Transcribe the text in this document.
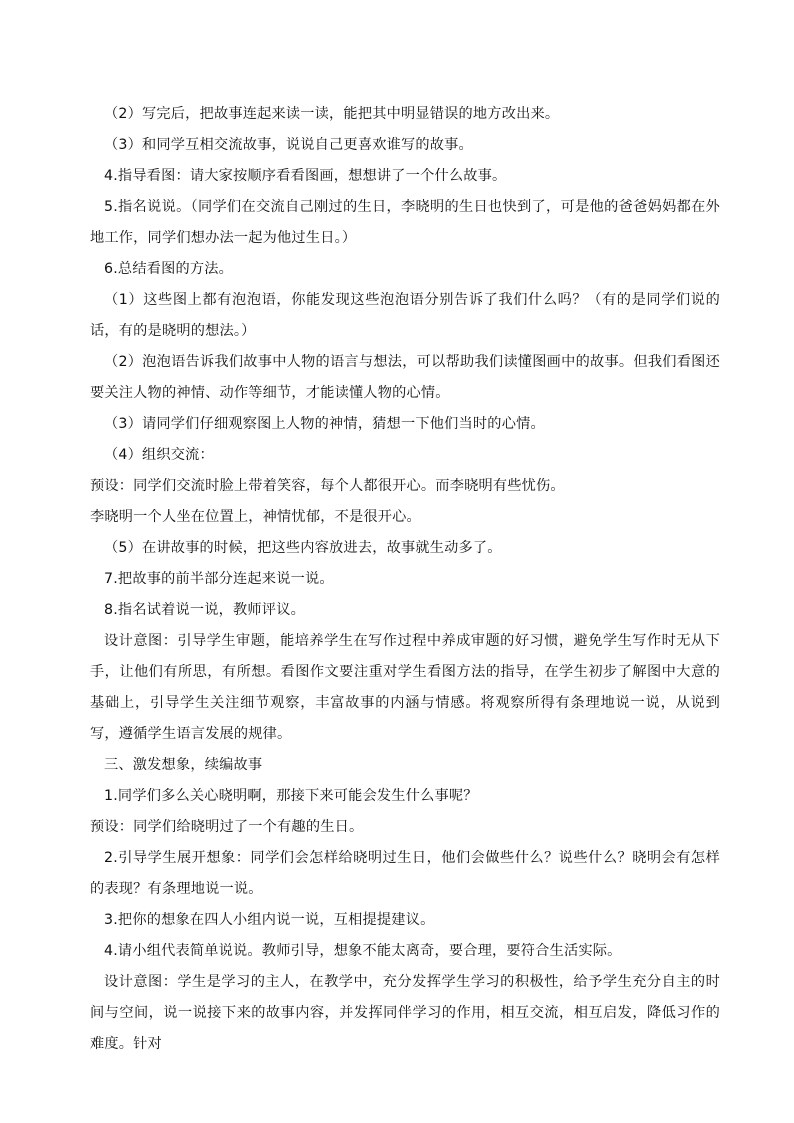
（2）写完后，把故事连起来读一读，能把其中明显错误的地方改出来。

（3）和同学互相交流故事，说说自己更喜欢谁写的故事。

4.指导看图：请大家按顺序看看图画，想想讲了一个什么故事。

5.指名说说。（同学们在交流自己刚过的生日，李晓明的生日也快到了，可是他的爸爸妈妈都在外地工作，同学们想办法一起为他过生日。）

6.总结看图的方法。

（1）这些图上都有泡泡语，你能发现这些泡泡语分别告诉了我们什么吗？（有的是同学们说的话，有的是晓明的想法。）

（2）泡泡语告诉我们故事中人物的语言与想法，可以帮助我们读懂图画中的故事。但我们看图还要关注人物的神情、动作等细节，才能读懂人物的心情。

（3）请同学们仔细观察图上人物的神情，猜想一下他们当时的心情。

（4）组织交流：

预设：同学们交流时脸上带着笑容，每个人都很开心。而李晓明有些忧伤。

李晓明一个人坐在位置上，神情忧郁，不是很开心。

（5）在讲故事的时候，把这些内容放进去，故事就生动多了。

7.把故事的前半部分连起来说一说。

8.指名试着说一说，教师评议。

设计意图：引导学生审题，能培养学生在写作过程中养成审题的好习惯，避免学生写作时无从下手，让他们有所思，有所想。看图作文要注重对学生看图方法的指导，在学生初步了解图中大意的基础上，引导学生关注细节观察，丰富故事的内涵与情感。将观察所得有条理地说一说，从说到写，遵循学生语言发展的规律。

三、激发想象，续编故事

1.同学们多么关心晓明啊，那接下来可能会发生什么事呢？

预设：同学们给晓明过了一个有趣的生日。

2.引导学生展开想象：同学们会怎样给晓明过生日，他们会做些什么？说些什么？晓明会有怎样的表现？有条理地说一说。

3.把你的想象在四人小组内说一说，互相提提建议。

4.请小组代表简单说说。教师引导，想象不能太离奇，要合理，要符合生活实际。

设计意图：学生是学习的主人，在教学中，充分发挥学生学习的积极性，给予学生充分自主的时间与空间，说一说接下来的故事内容，并发挥同伴学习的作用，相互交流，相互启发，降低习作的难度。针对
